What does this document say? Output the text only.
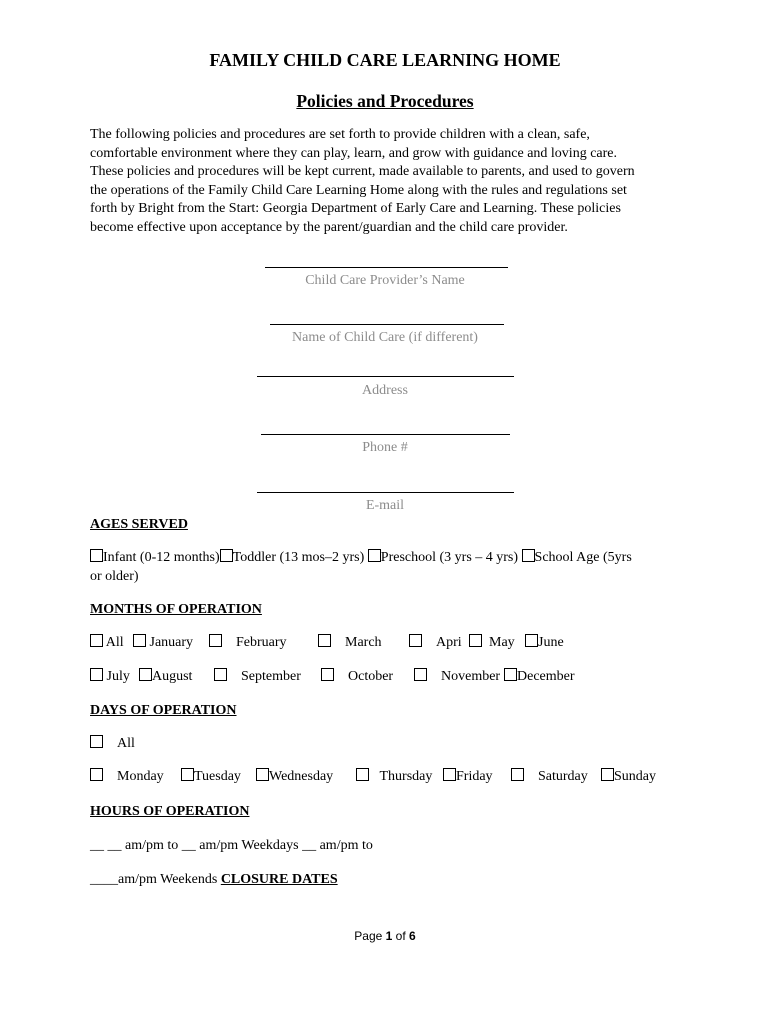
FAMILY CHILD CARE LEARNING HOME
Policies and Procedures
The following policies and procedures are set forth to provide children with a clean, safe,
comfortable environment where they can play, learn, and grow with guidance and loving care.
These policies and procedures will be kept current, made available to parents, and used to govern
the operations of the Family Child Care Learning Home along with the rules and regulations set
forth by Bright from the Start: Georgia Department of Early Care and Learning. These policies
become effective upon acceptance by the parent/guardian and the child care provider.
Child Care Provider’s Name
Name of Child Care (if different)
Address
Phone #
E-mail
AGES SERVED
Infant (0-12 months) Toddler (13 mos–2 yrs) Preschool (3 yrs – 4 yrs) School Age (5yrs
or older)
MONTHS OF OPERATION
All	January	February	March	Apri	May	June
July	August	September	October	November	December
DAYS OF OPERATION
All
Monday	Tuesday	Wednesday	Thursday	Friday	Saturday	Sunday
HOURS OF OPERATION
__ __ am/pm to __ am/pm Weekdays __ am/pm to
____am/pm Weekends CLOSURE DATES
Page 1 of 6
